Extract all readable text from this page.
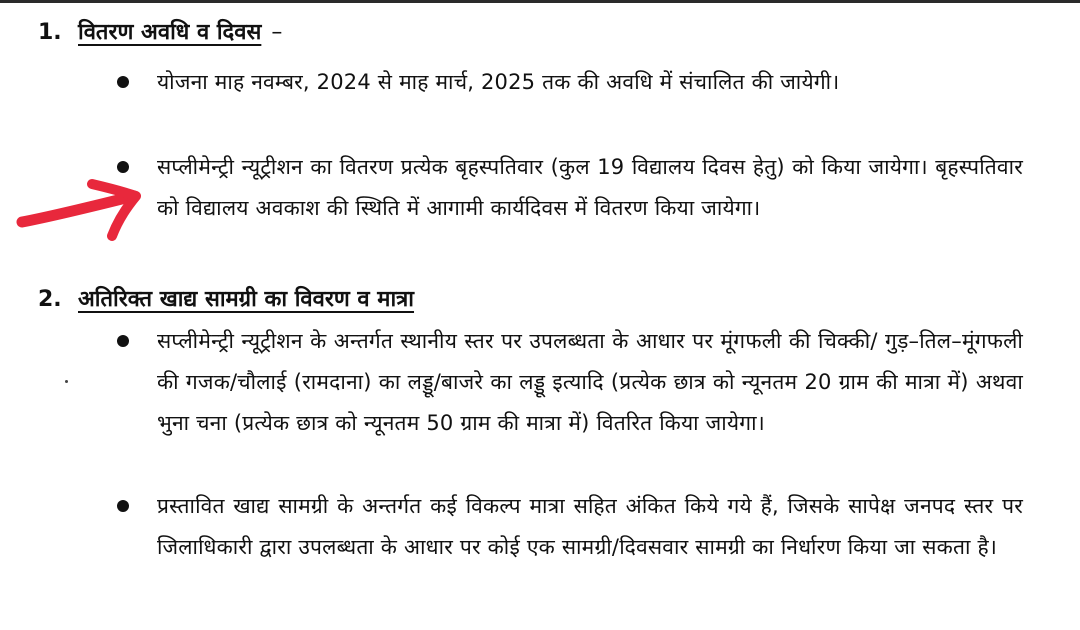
1. वितरण अवधि व दिवस –
योजना माह नवम्बर, 2024 से माह मार्च, 2025 तक की अवधि में संचालित की जायेगी।
सप्लीमेन्ट्री न्यूट्रीशन का वितरण प्रत्येक बृहस्पतिवार (कुल 19 विद्यालय दिवस हेतु) को किया जायेगा। बृहस्पतिवार को विद्यालय अवकाश की स्थिति में आगामी कार्यदिवस में वितरण किया जायेगा।
2. अतिरिक्त खाद्य सामग्री का विवरण व मात्रा
सप्लीमेन्ट्री न्यूट्रीशन के अन्तर्गत स्थानीय स्तर पर उपलब्धता के आधार पर मूंगफली की चिक्की/ गुड़–तिल–मूंगफली की गजक/चौलाई (रामदाना) का लड्डू/बाजरे का लड्डू इत्यादि (प्रत्येक छात्र को न्यूनतम 20 ग्राम की मात्रा में) अथवा भुना चना (प्रत्येक छात्र को न्यूनतम 50 ग्राम की मात्रा में) वितरित किया जायेगा।
प्रस्तावित खाद्य सामग्री के अन्तर्गत कई विकल्प मात्रा सहित अंकित किये गये हैं, जिसके सापेक्ष जनपद स्तर पर जिलाधिकारी द्वारा उपलब्धता के आधार पर कोई एक सामग्री/दिवसवार सामग्री का निर्धारण किया जा सकता है।
